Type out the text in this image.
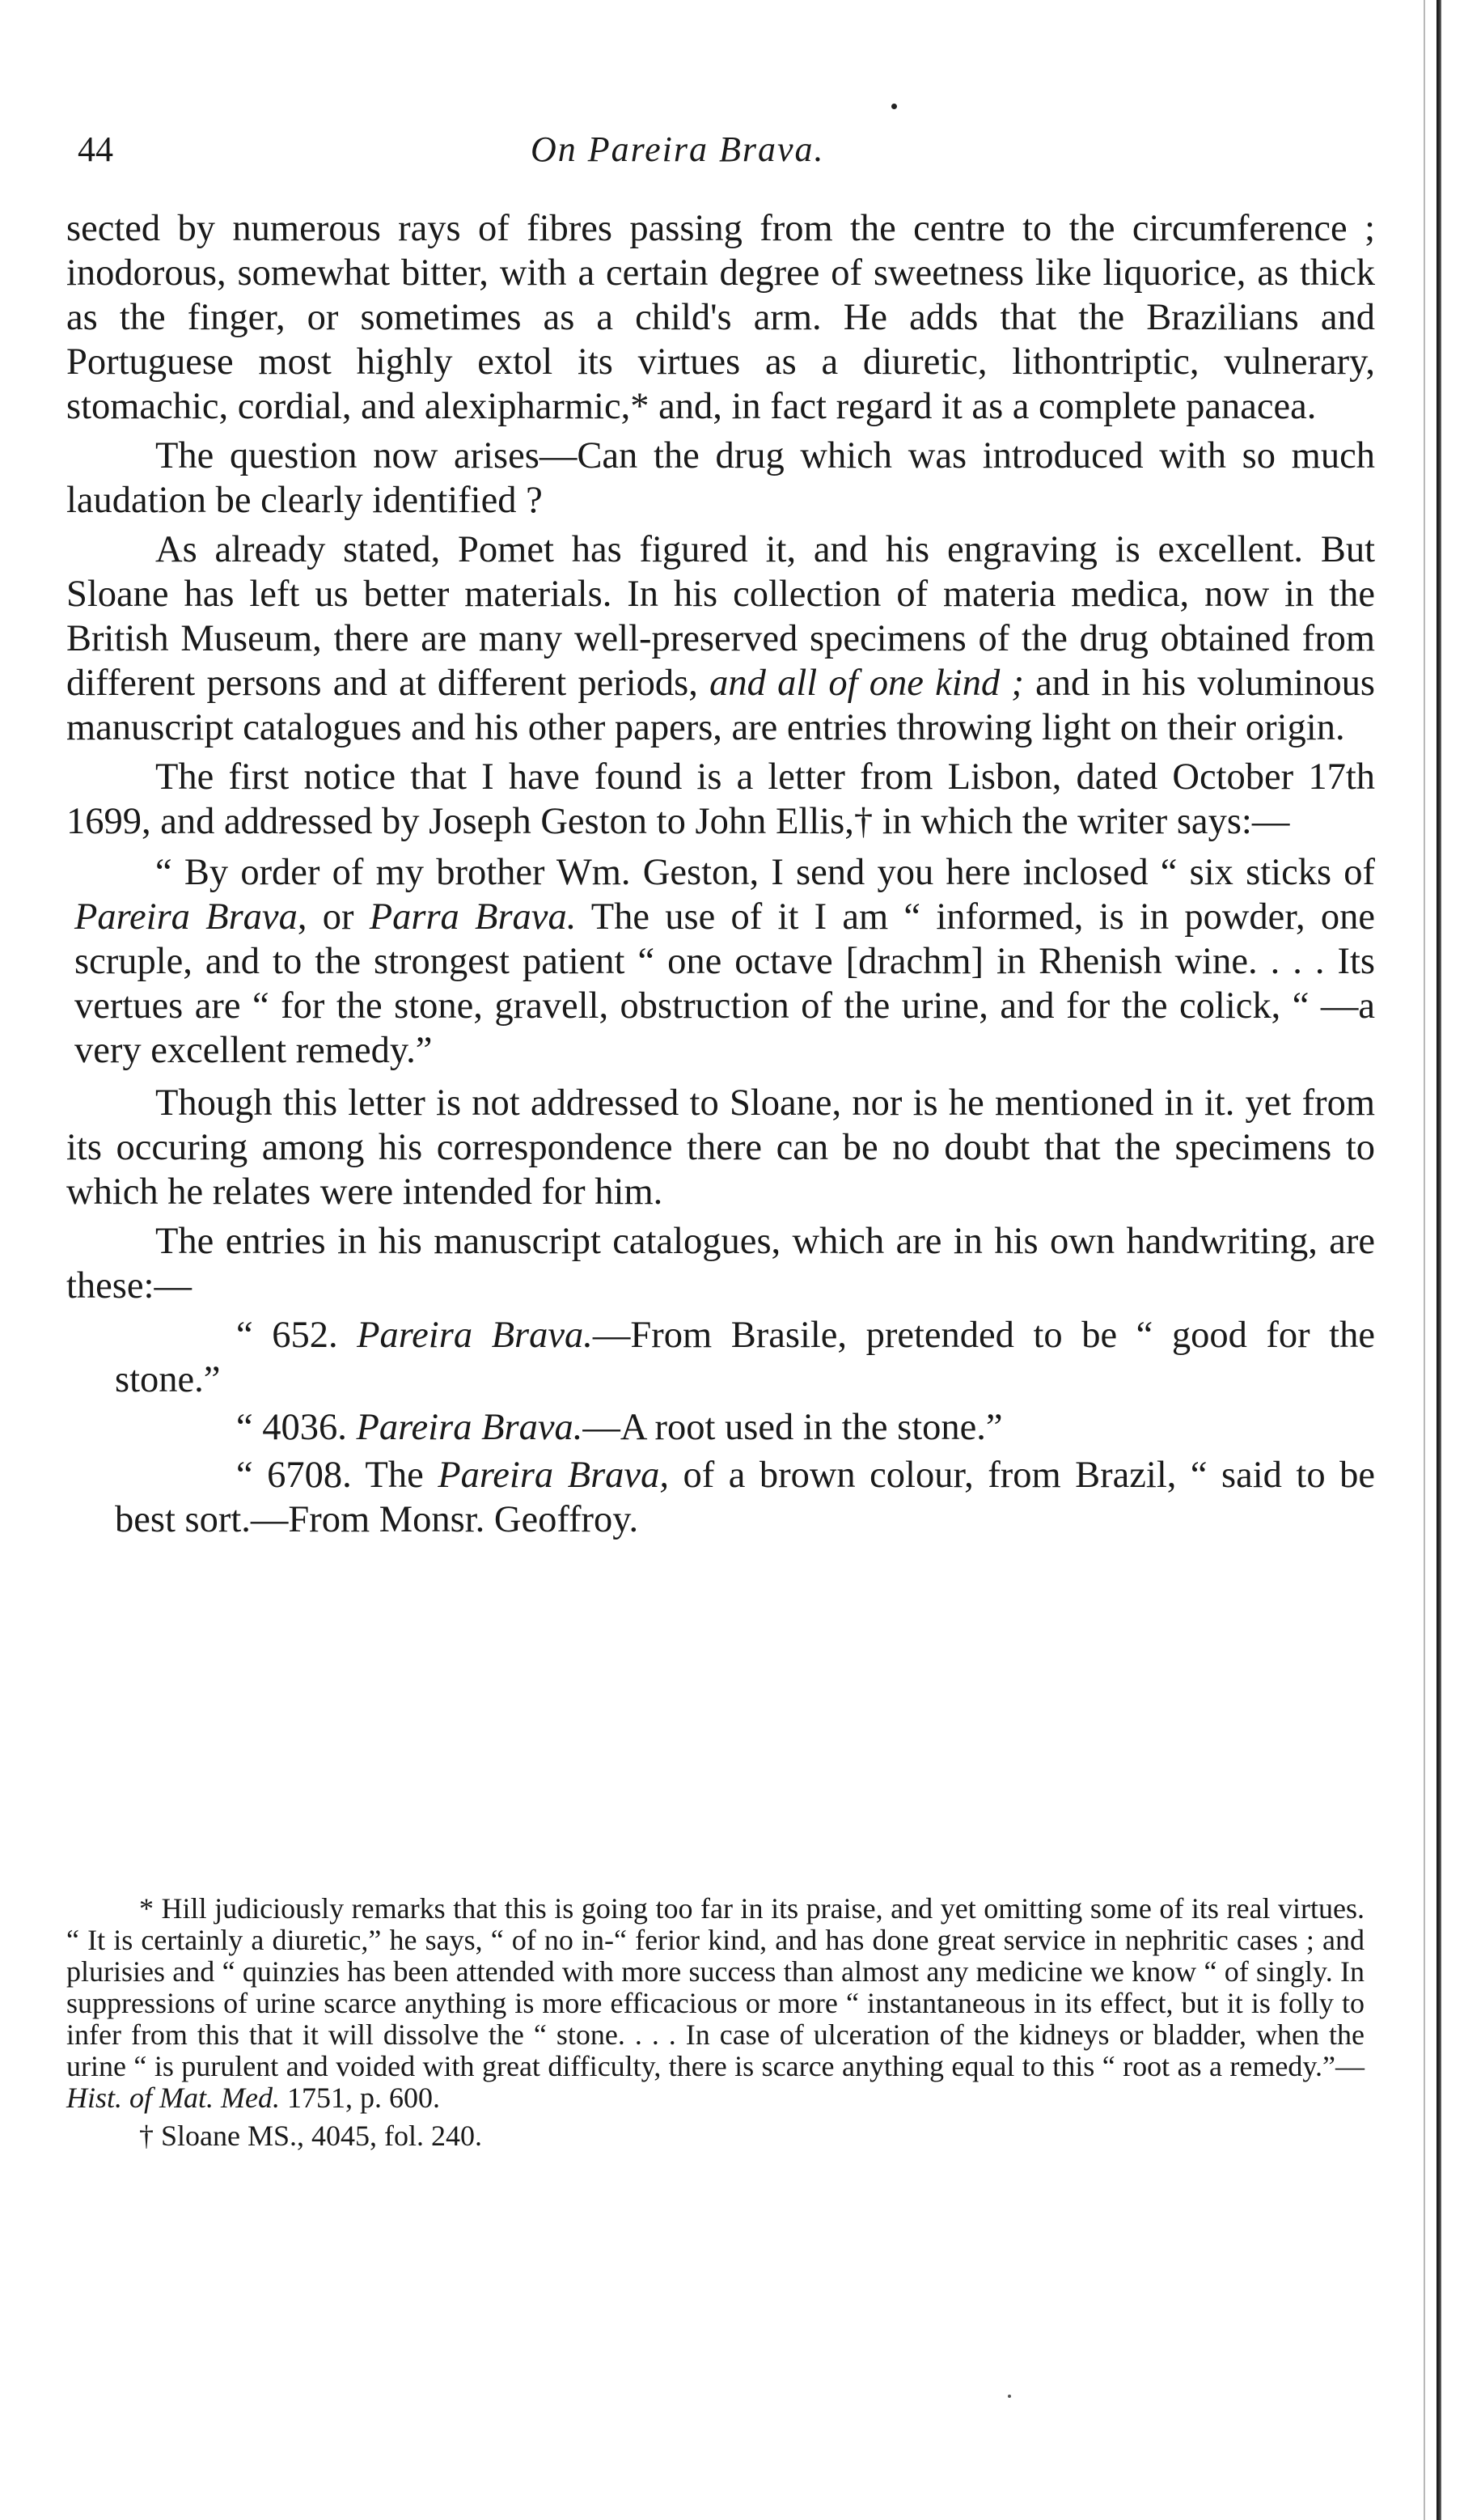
44	On Pareira Brava.

sected by numerous rays of fibres passing from the centre to the circumference ; inodorous, somewhat bitter, with a certain degree of sweetness like liquorice, as thick as the finger, or sometimes as a child's arm. He adds that the Brazilians and Portuguese most highly extol its virtues as a diuretic, lithontriptic, vulnerary, stomachic, cordial, and alexipharmic,* and, in fact regard it as a complete panacea.

The question now arises—Can the drug which was introduced with so much laudation be clearly identified ?

As already stated, Pomet has figured it, and his engraving is excellent. But Sloane has left us better materials. In his collection of materia medica, now in the British Museum, there are many well-preserved specimens of the drug obtained from different persons and at different periods, and all of one kind ; and in his voluminous manuscript catalogues and his other papers, are entries throwing light on their origin.

The first notice that I have found is a letter from Lisbon, dated October 17th 1699, and addressed by Joseph Geston to John Ellis,† in which the writer says:—

“ By order of my brother Wm. Geston, I send you here inclosed “ six sticks of Pareira Brava, or Parra Brava. The use of it I am “ informed, is in powder, one scruple, and to the strongest patient “ one octave [drachm] in Rhenish wine. . . . Its vertues are “ for the stone, gravell, obstruction of the urine, and for the colick, “ —a very excellent remedy.”

Though this letter is not addressed to Sloane, nor is he mentioned in it. yet from its occuring among his correspondence there can be no doubt that the specimens to which he relates were intended for him.

The entries in his manuscript catalogues, which are in his own handwriting, are these:—

“ 652. Pareira Brava.—From Brasile, pretended to be “ good for the stone.”

“ 4036. Pareira Brava.—A root used in the stone.”

“ 6708. The Pareira Brava, of a brown colour, from Brazil, “ said to be best sort.—From Monsr. Geoffroy.

* Hill judiciously remarks that this is going too far in its praise, and yet omitting some of its real virtues. “ It is certainly a diuretic,” he says, “ of no in-“ ferior kind, and has done great service in nephritic cases ; and plurisies and “ quinzies has been attended with more success than almost any medicine we know “ of singly. In suppressions of urine scarce anything is more efficacious or more “ instantaneous in its effect, but it is folly to infer from this that it will dissolve the “ stone. . . . In case of ulceration of the kidneys or bladder, when the urine “ is purulent and voided with great difficulty, there is scarce anything equal to this “ root as a remedy.”—Hist. of Mat. Med. 1751, p. 600.

† Sloane MS., 4045, fol. 240.
